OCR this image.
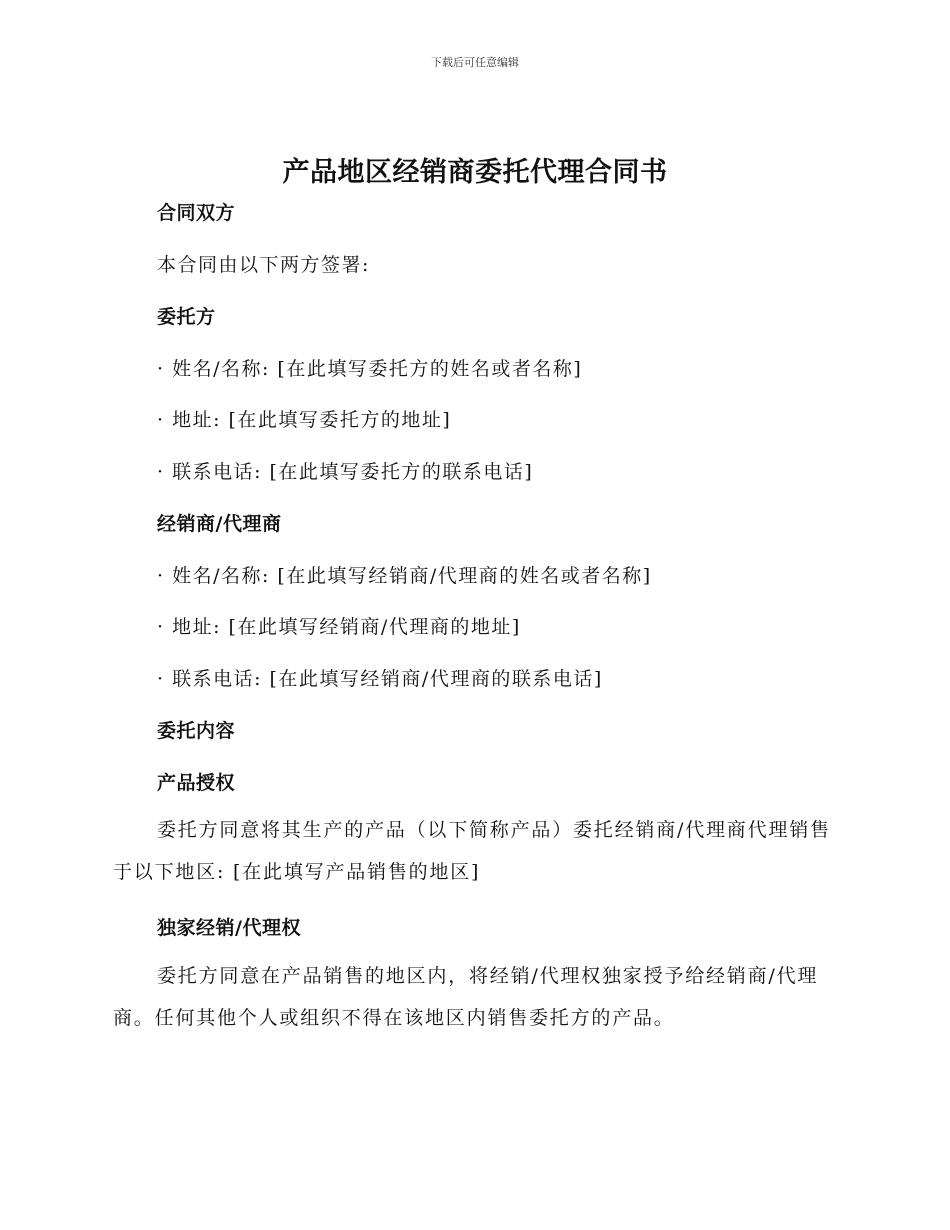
下载后可任意编辑
产品地区经销商委托代理合同书
合同双方
本合同由以下两方签署:
委托方
· 姓名/名称: [在此填写委托方的姓名或者名称]
· 地址: [在此填写委托方的地址]
· 联系电话: [在此填写委托方的联系电话]
经销商/代理商
· 姓名/名称: [在此填写经销商/代理商的姓名或者名称]
· 地址: [在此填写经销商/代理商的地址]
· 联系电话: [在此填写经销商/代理商的联系电话]
委托内容
产品授权
委托方同意将其生产的产品（以下简称产品）委托经销商/代理商代理销售于以下地区: [在此填写产品销售的地区]
独家经销/代理权
委托方同意在产品销售的地区内，将经销/代理权独家授予给经销商/代理商。任何其他个人或组织不得在该地区内销售委托方的产品。
